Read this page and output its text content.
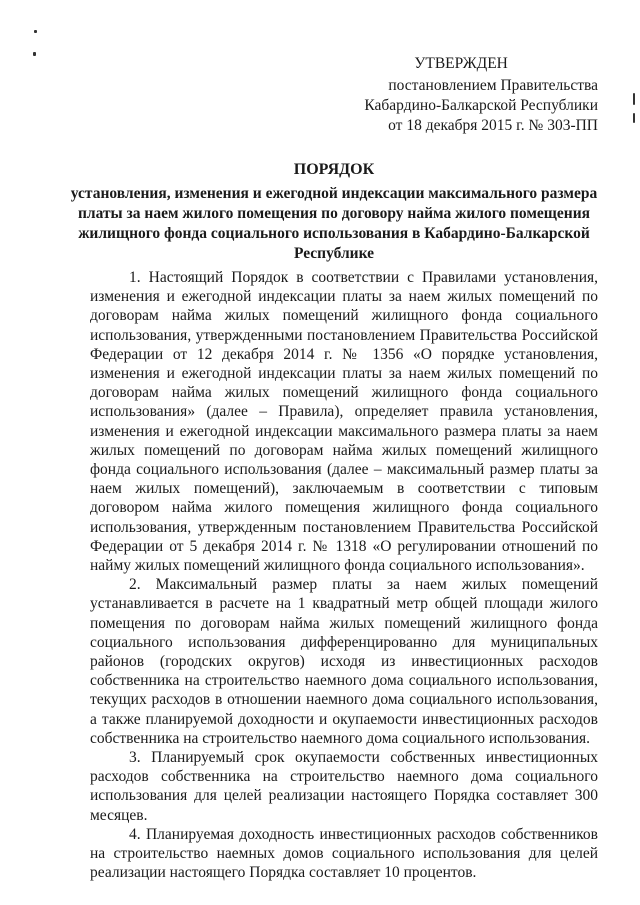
УТВЕРЖДЕН
постановлением Правительства
Кабардино-Балкарской Республики
от 18 декабря 2015 г. № 303-ПП
ПОРЯДОК
установления, изменения и ежегодной индексации максимального размера платы за наем жилого помещения по договору найма жилого помещения жилищного фонда социального использования в Кабардино-Балкарской Республике

1. Настоящий Порядок в соответствии с Правилами установления, изменения и ежегодной индексации платы за наем жилых помещений по договорам найма жилых помещений жилищного фонда социального использования, утвержденными постановлением Правительства Российской Федерации от 12 декабря 2014 г. № 1356 «О порядке установления, изменения и ежегодной индексации платы за наем жилых помещений по договорам найма жилых помещений жилищного фонда социального использования» (далее – Правила), определяет правила установления, изменения и ежегодной индексации максимального размера платы за наем жилых помещений по договорам найма жилых помещений жилищного фонда социального использования (далее – максимальный размер платы за наем жилых помещений), заключаемым в соответствии с типовым договором найма жилого помещения жилищного фонда социального использования, утвержденным постановлением Правительства Российской Федерации от 5 декабря 2014 г. № 1318 «О регулировании отношений по найму жилых помещений жилищного фонда социального использования».

2. Максимальный размер платы за наем жилых помещений устанавливается в расчете на 1 квадратный метр общей площади жилого помещения по договорам найма жилых помещений жилищного фонда социального использования дифференцированно для муниципальных районов (городских округов) исходя из инвестиционных расходов собственника на строительство наемного дома социального использования, текущих расходов в отношении наемного дома социального использования, а также планируемой доходности и окупаемости инвестиционных расходов собственника на строительство наемного дома социального использования.

3. Планируемый срок окупаемости собственных инвестиционных расходов собственника на строительство наемного дома социального использования для целей реализации настоящего Порядка составляет 300 месяцев.

4. Планируемая доходность инвестиционных расходов собственников на строительство наемных домов социального использования для целей реализации настоящего Порядка составляет 10 процентов.
